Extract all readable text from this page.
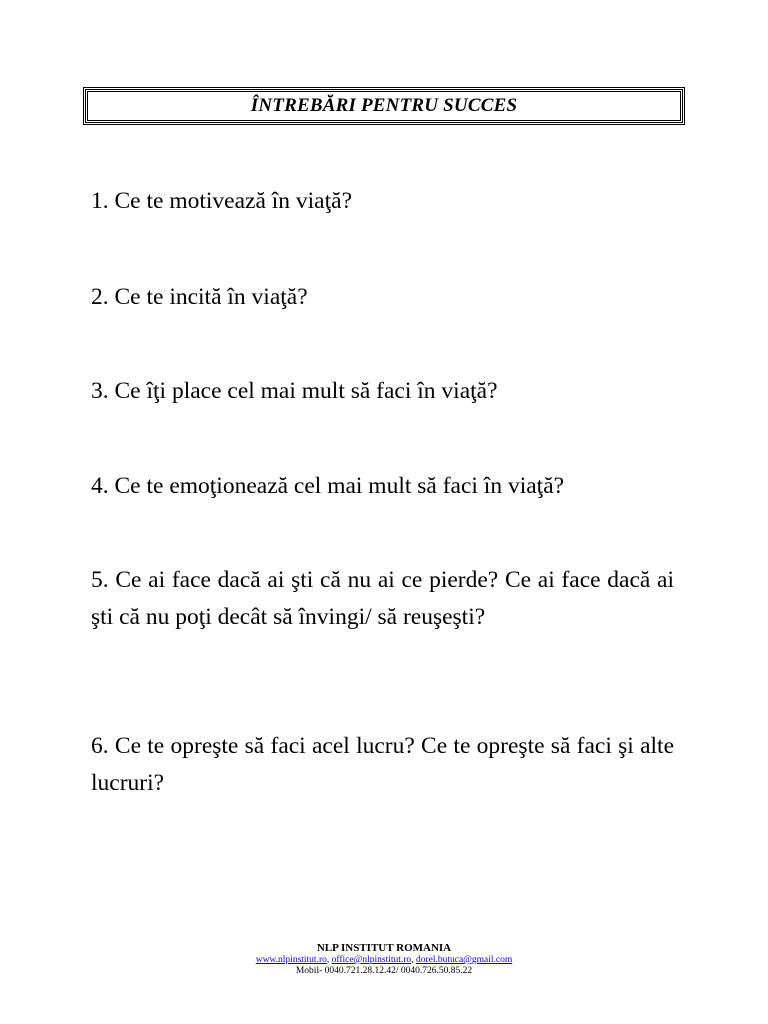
ÎNTREBĂRI PENTRU SUCCES

1. Ce te motivează în viaţă?

2. Ce te incită în viaţă?

3. Ce îţi place cel mai mult să faci în viaţă?

4. Ce te emoţionează cel mai mult să faci în viaţă?

5. Ce ai face dacă ai şti că nu ai ce pierde? Ce ai face dacă ai şti că nu poţi decât să învingi/ să reuşeşti?

6. Ce te opreşte să faci acel lucru? Ce te opreşte să faci şi alte lucruri?

NLP INSTITUT ROMANIA
www.nlpinstitut.ro, office@nlpinstitut.ro, dorel.butuca@gmail.com
Mobil- 0040.721.28.12.42/ 0040.726.50.85.22
